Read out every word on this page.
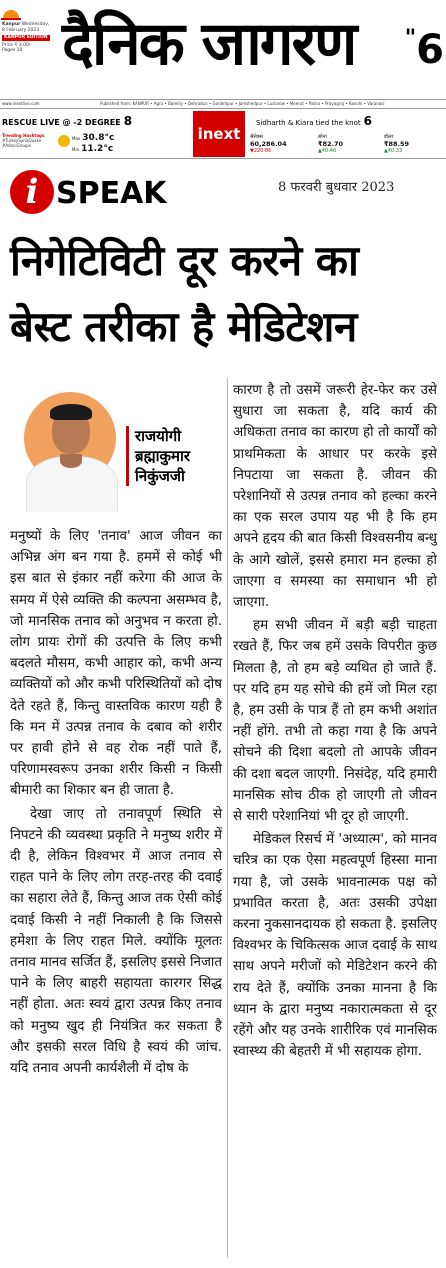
Kanpur Wednesday,
8 February 2023
KANPUR EDITION
Price ₹ 3.00/-
Pages 10 दैनिक जागरण	"6
www.inextlive.com	Published from: KANPUR • Agra • Bareilly • Dehradun • Gorakhpur • Jamshedpur • Lucknow • Meerut • Patna • Prayagraj • Ranchi • Varanasi
RESCUE LIVE @ -2 DEGREE 8
inext
Sidharth & Kiara tied the knot 6
Trending Hashtags
#TurkeySyriaQuake #AdaniGroups
Max 30.8°c
Min 11.2°c
सेंसेक्स
60,286.04
▼220.86
सोना
₹82.70
▲₹0.46
डॉलर
₹88.59
▲₹0.33
i SPEAK	8 फरवरी बुधवार 2023
निगेटिविटी दूर करने का
बेस्ट तरीका है मेडिटेशन
राजयोगी
ब्रह्माकुमार
निकुंजजी

मनुष्यों के लिए 'तनाव' आज जीवन का अभिन्न अंग बन गया है. हममें से कोई भी इस बात से इंकार नहीं करेगा की आज के समय में ऐसे व्यक्ति की कल्पना असम्भव है, जो मानसिक तनाव को अनुभव न करता हो. लोग प्रायः रोगों की उत्पत्ति के लिए कभी बदलते मौसम, कभी आहार को, कभी अन्य व्यक्तियों को और कभी परिस्थितियों को दोष देते रहते हैं, किन्तु वास्तविक कारण यही है कि मन में उत्पन्न तनाव के दबाव को शरीर पर हावी होने से वह रोक नहीं पाते हैं, परिणामस्वरूप उनका शरीर किसी न किसी बीमारी का शिकार बन ही जाता है.

देखा जाए तो तनावपूर्ण स्थिति से निपटने की व्यवस्था प्रकृति ने मनुष्य शरीर में दी है, लेकिन विश्वभर में आज तनाव से राहत पाने के लिए लोग तरह-तरह की दवाई का सहारा लेते हैं, किन्तु आज तक ऐसी कोई दवाई किसी ने नहीं निकाली है कि जिससे हमेशा के लिए राहत मिले. क्योंकि मूलतः तनाव मानव सर्जित हैं, इसलिए इससे निजात पाने के लिए बाहरी सहायता कारगर सिद्ध नहीं होता. अतः स्वयं द्वारा उत्पन्न किए तनाव को मनुष्य खुद ही नियंत्रित कर सकता है और इसकी सरल विधि है स्वयं की जांच. यदि तनाव अपनी कार्यशैली में दोष के

कारण है तो उसमें जरूरी हेर-फेर कर उसे सुधारा जा सकता है, यदि कार्य की अधिकता तनाव का कारण हो तो कार्यों को प्राथमिकता के आधार पर करके इसे निपटाया जा सकता है. जीवन की परेशानियों से उत्पन्न तनाव को हल्का करने का एक सरल उपाय यह भी है कि हम अपने हृदय की बात किसी विश्वसनीय बन्धु के आगे खोलें, इससे हमारा मन हल्का हो जाएगा व समस्या का समाधान भी हो जाएगा.

हम सभी जीवन में बड़ी बड़ी चाहता रखते हैं, फिर जब हमें उसके विपरीत कुछ मिलता है, तो हम बड़े व्यथित हो जाते हैं. पर यदि हम यह सोचे की हमें जो मिल रहा है, हम उसी के पात्र हैं तो हम कभी अशांत नहीं होंगे. तभी तो कहा गया है कि अपने सोचने की दिशा बदलो तो आपके जीवन की दशा बदल जाएगी. निसंदेह, यदि हमारी मानसिक सोच ठीक हो जाएगी तो जीवन से सारी परेशानियां भी दूर हो जाएगी.

मेडिकल रिसर्च में 'अध्यात्म', को मानव चरित्र का एक ऐसा महत्वपूर्ण हिस्सा माना गया है, जो उसके भावनात्मक पक्ष को प्रभावित करता है, अतः उसकी उपेक्षा करना नुकसानदायक हो सकता है. इसलिए विश्वभर के चिकित्सक आज दवाई के साथ साथ अपने मरीजों को मेडिटेशन करने की राय देते हैं, क्योंकि उनका मानना है कि ध्यान के द्वारा मनुष्य नकारात्मकता से दूर रहेंगे और यह उनके शारीरिक एवं मानसिक स्वास्थ्य की बेहतरी में भी सहायक होगा.
